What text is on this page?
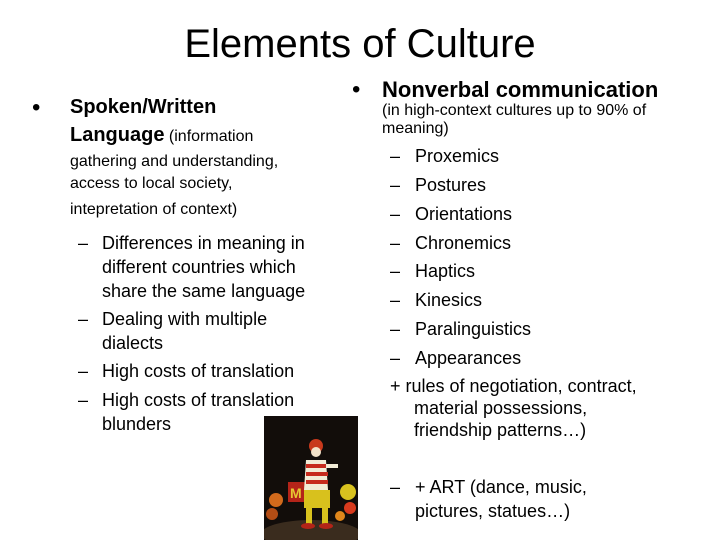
Elements of Culture
• Spoken/Written
Language (information
gathering and understanding,
access to local society,
intepretation of context)
– Differences in meaning in
different countries which
share the same language
– Dealing with multiple
dialects
– High costs of translation
– High costs of translation
blunders
M
• Nonverbal communication
(in high-context cultures up to 90% of
meaning)
– Proxemics
– Postures
– Orientations
– Chronemics
– Haptics
– Kinesics
– Paralinguistics
– Appearances
+ rules of negotiation, contract,
material possessions,
friendship patterns…)
– + ART (dance, music,
pictures, statues…)
